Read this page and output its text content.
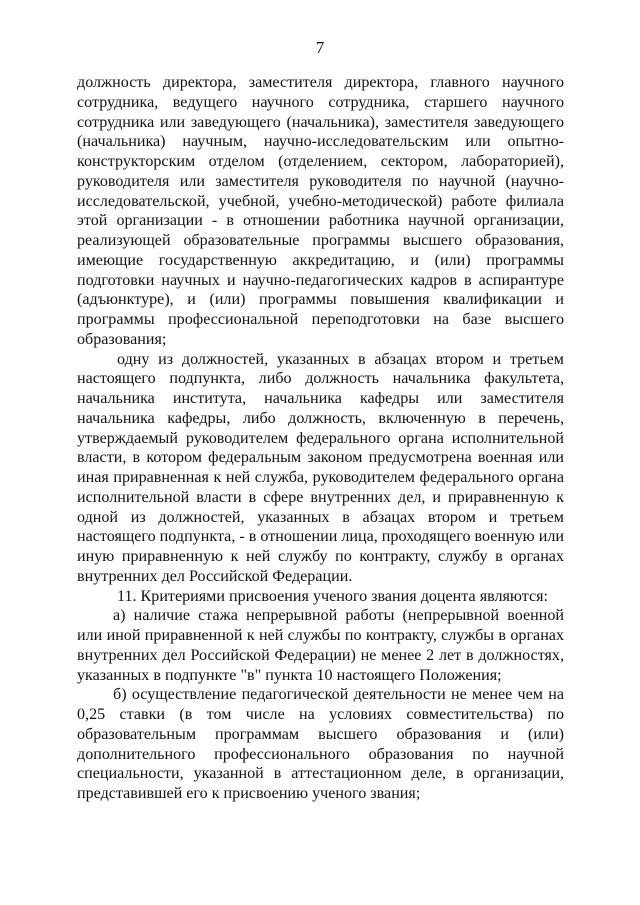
7

должность директора, заместителя директора, главного научного сотрудника, ведущего научного сотрудника, старшего научного сотрудника или заведующего (начальника), заместителя заведующего (начальника) научным, научно-исследовательским или опытно-конструкторским отделом (отделением, сектором, лабораторией), руководителя или заместителя руководителя по научной (научно-исследовательской, учебной, учебно-методической) работе филиала этой организации - в отношении работника научной организации, реализующей образовательные программы высшего образования, имеющие государственную аккредитацию, и (или) программы подготовки научных и научно-педагогических кадров в аспирантуре (адъюнктуре), и (или) программы повышения квалификации и программы профессиональной переподготовки на базе высшего образования;

одну из должностей, указанных в абзацах втором и третьем настоящего подпункта, либо должность начальника факультета, начальника института, начальника кафедры или заместителя начальника кафедры, либо должность, включенную в перечень, утверждаемый руководителем федерального органа исполнительной власти, в котором федеральным законом предусмотрена военная или иная приравненная к ней служба, руководителем федерального органа исполнительной власти в сфере внутренних дел, и приравненную к одной из должностей, указанных в абзацах втором и третьем настоящего подпункта, - в отношении лица, проходящего военную или иную приравненную к ней службу по контракту, службу в органах внутренних дел Российской Федерации.

11. Критериями присвоения ученого звания доцента являются:

а) наличие стажа непрерывной работы (непрерывной военной или иной приравненной к ней службы по контракту, службы в органах внутренних дел Российской Федерации) не менее 2 лет в должностях, указанных в подпункте "в" пункта 10 настоящего Положения;

б) осуществление педагогической деятельности не менее чем на 0,25 ставки (в том числе на условиях совместительства) по образовательным программам высшего образования и (или) дополнительного профессионального образования по научной специальности, указанной в аттестационном деле, в организации, представившей его к присвоению ученого звания;
